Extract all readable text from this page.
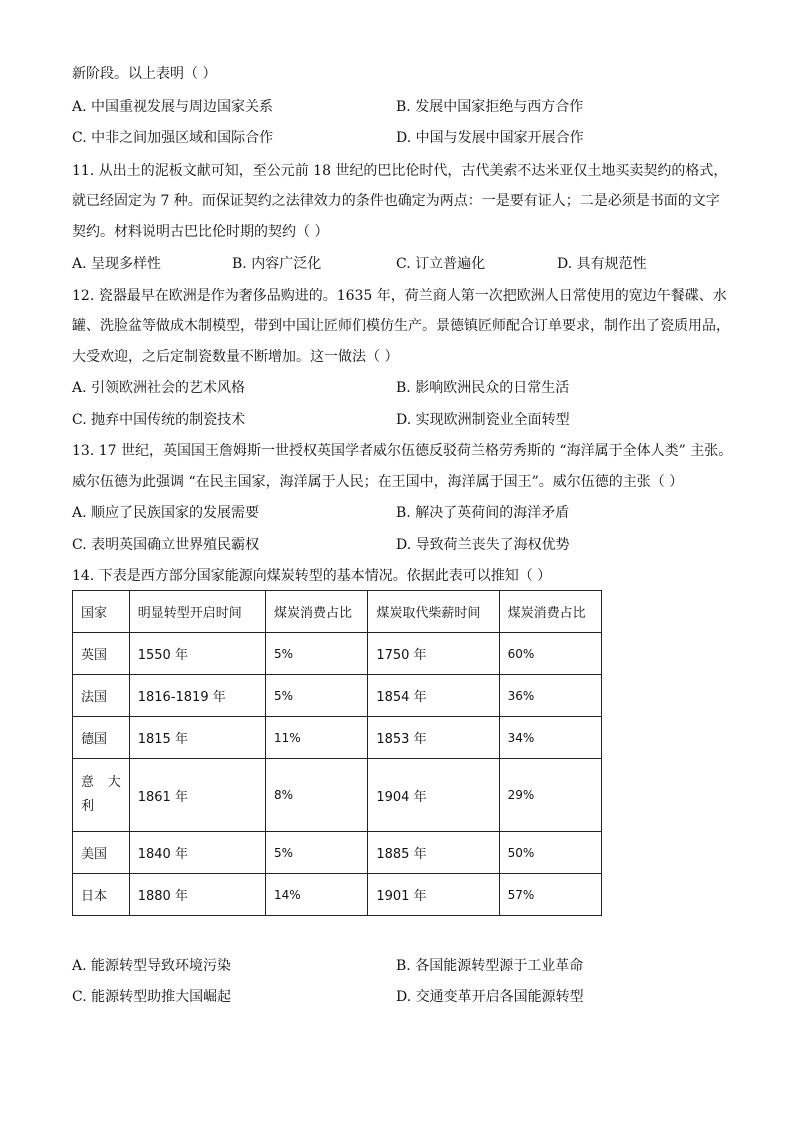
新阶段。以上表明（ ）
A. 中国重视发展与周边国家关系	B. 发展中国家拒绝与西方合作
C. 中非之间加强区域和国际合作	D. 中国与发展中国家开展合作
11. 从出土的泥板文献可知，至公元前 18 世纪的巴比伦时代，古代美索不达米亚仅土地买卖契约的格式，
就已经固定为 7 种。而保证契约之法律效力的条件也确定为两点：一是要有证人；二是必须是书面的文字
契约。材料说明古巴比伦时期的契约（ ）
A. 呈现多样性	B. 内容广泛化	C. 订立普遍化	D. 具有规范性
12. 瓷器最早在欧洲是作为奢侈品购进的。1635 年，荷兰商人第一次把欧洲人日常使用的宽边午餐碟、水
罐、洗脸盆等做成木制模型，带到中国让匠师们模仿生产。景德镇匠师配合订单要求，制作出了瓷质用品，
大受欢迎，之后定制瓷数量不断增加。这一做法（ ）
A. 引领欧洲社会的艺术风格	B. 影响欧洲民众的日常生活
C. 抛弃中国传统的制瓷技术	D. 实现欧洲制瓷业全面转型
13. 17 世纪，英国国王詹姆斯一世授权英国学者威尔伍德反驳荷兰格劳秀斯的 “海洋属于全体人类” 主张。
威尔伍德为此强调 “在民主国家，海洋属于人民；在王国中，海洋属于国王”。威尔伍德的主张（ ）
A. 顺应了民族国家的发展需要	B. 解决了英荷间的海洋矛盾
C. 表明英国确立世界殖民霸权	D. 导致荷兰丧失了海权优势
14. 下表是西方部分国家能源向煤炭转型的基本情况。依据此表可以推知（ ）
国家	明显转型开启时间	煤炭消费占比	煤炭取代柴薪时间	煤炭消费占比
英国	1550 年	5%	1750 年	60%
法国	1816-1819 年	5%	1854 年	36%
德国	1815 年	11%	1853 年	34%
意 大 利	1861 年	8%	1904 年	29%
美国	1840 年	5%	1885 年	50%
日本	1880 年	14%	1901 年	57%
A. 能源转型导致环境污染	B. 各国能源转型源于工业革命
C. 能源转型助推大国崛起	D. 交通变革开启各国能源转型
